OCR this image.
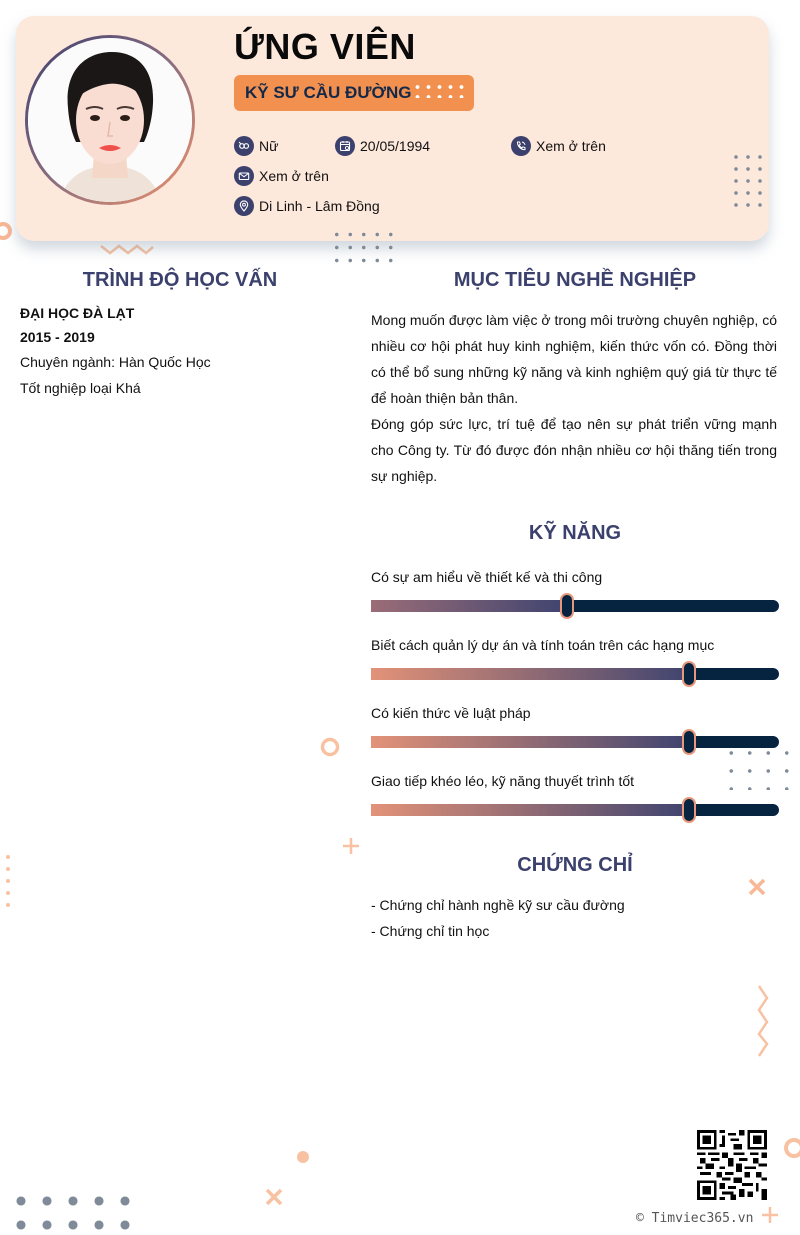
ỨNG VIÊN
KỸ SƯ CẦU ĐƯỜNG
Nữ	20/05/1994	Xem ở trên
Xem ở trên
Di Linh - Lâm Đồng
TRÌNH ĐỘ HỌC VẤN
ĐẠI HỌC ĐÀ LẠT
2015 - 2019
Chuyên ngành: Hàn Quốc Học
Tốt nghiệp loại Khá
MỤC TIÊU NGHỀ NGHIỆP

Mong muốn được làm việc ở trong môi trường chuyên nghiệp, có nhiều cơ hội phát huy kinh nghiệm, kiến thức vốn có. Đồng thời có thể bổ sung những kỹ năng và kinh nghiệm quý giá từ thực tế để hoàn thiện bản thân.

Đóng góp sức lực, trí tuệ để tạo nên sự phát triển vững mạnh cho Công ty. Từ đó được đón nhận nhiều cơ hội thăng tiến trong sự nghiệp.

KỸ NĂNG
Có sự am hiểu về thiết kế và thi công
Biết cách quản lý dự án và tính toán trên các hạng mục
Có kiến thức về luật pháp
Giao tiếp khéo léo, kỹ năng thuyết trình tốt
CHỨNG CHỈ
- Chứng chỉ hành nghề kỹ sư cầu đường
- Chứng chỉ tin học
© Timviec365.vn
